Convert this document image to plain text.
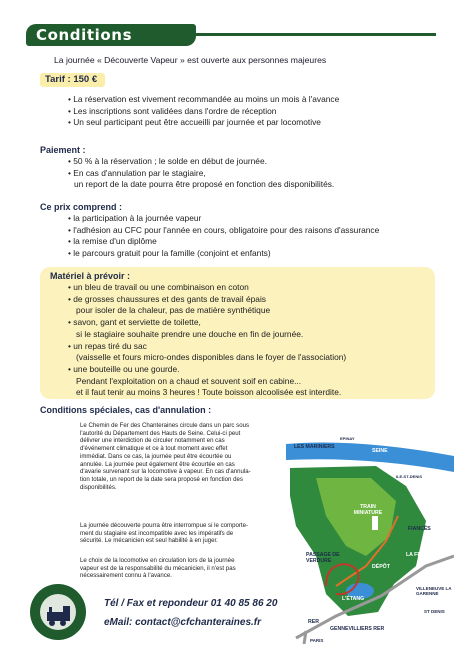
Conditions
La journée « Découverte Vapeur » est ouverte aux personnes majeures
Tarif : 150 €
• La réservation est vivement recommandée au moins un mois à l'avance
• Les inscriptions sont validées dans l'ordre de réception
• Un seul participant peut être accueilli par journée et par locomotive
Paiement :
• 50 % à la réservation ; le solde en début de journée.
• En cas d'annulation par le stagiaire,
un report de la date pourra être proposé en fonction des disponibilités.
Ce prix comprend :
• la participation à la journée vapeur
• l'adhésion au CFC pour l'année en cours, obligatoire pour des raisons d'assurance
• la remise d'un diplôme
• le parcours gratuit pour la famille (conjoint et enfants)
Matériel à prévoir :
• un bleu de travail ou une combinaison en coton
• de grosses chaussures et des gants de travail épais
pour isoler de la chaleur, pas de matière synthétique
• savon, gant et serviette de toilette,
si le stagiaire souhaite prendre une douche en fin de journée.
• un repas tiré du sac
(vaisselle et fours micro-ondes disponibles dans le foyer de l'association)
• une bouteille ou une gourde.
Pendant l'exploitation on a chaud et souvent soif en cabine...
et il faut tenir au moins 3 heures ! Toute boisson alcoolisée est interdite.
Conditions spéciales, cas d'annulation :
Le Chemin de Fer des Chanteraines circule dans un parc sous
l'autorité du Département des Hauts de Seine. Celui-ci peut
délivrer une interdiction de circuler notamment en cas
d'événement climatique et ce à tout moment avec effet
immédiat. Dans ce cas, la journée peut être écourtée ou
annulée. La journée peut également être écourtée en cas
d'avarie survenant sur la locomotive à vapeur. En cas d'annula-
tion totale, un report de la date sera proposé en fonction des
disponibilités.
La journée découverte pourra être interrompue si le comporte-
ment du stagiaire est incompatible avec les impératifs de
sécurité. Le mécanicien est seul habilité à en juger.
Le choix de la locomotive en circulation lors de la journée
vapeur est de la responsabilité du mécanicien, il n'est pas
nécessairement connu à l'avance.
Tél / Fax et repondeur 01 40 85 86 20
eMail: contact@cfchanteraines.fr
LES MARINIERS
SEINE
EPINAY
ILE-ST-DENIS
TRAIN MINIATURE
FIANCÉS
LA FERME
PASSAGE DE VERDURE
DÉPÔT
L'ÉTANG
VILLENEUVE LA GARENNE
RER
GENNEVILLIERS RER
ST DENIS
PARIS
